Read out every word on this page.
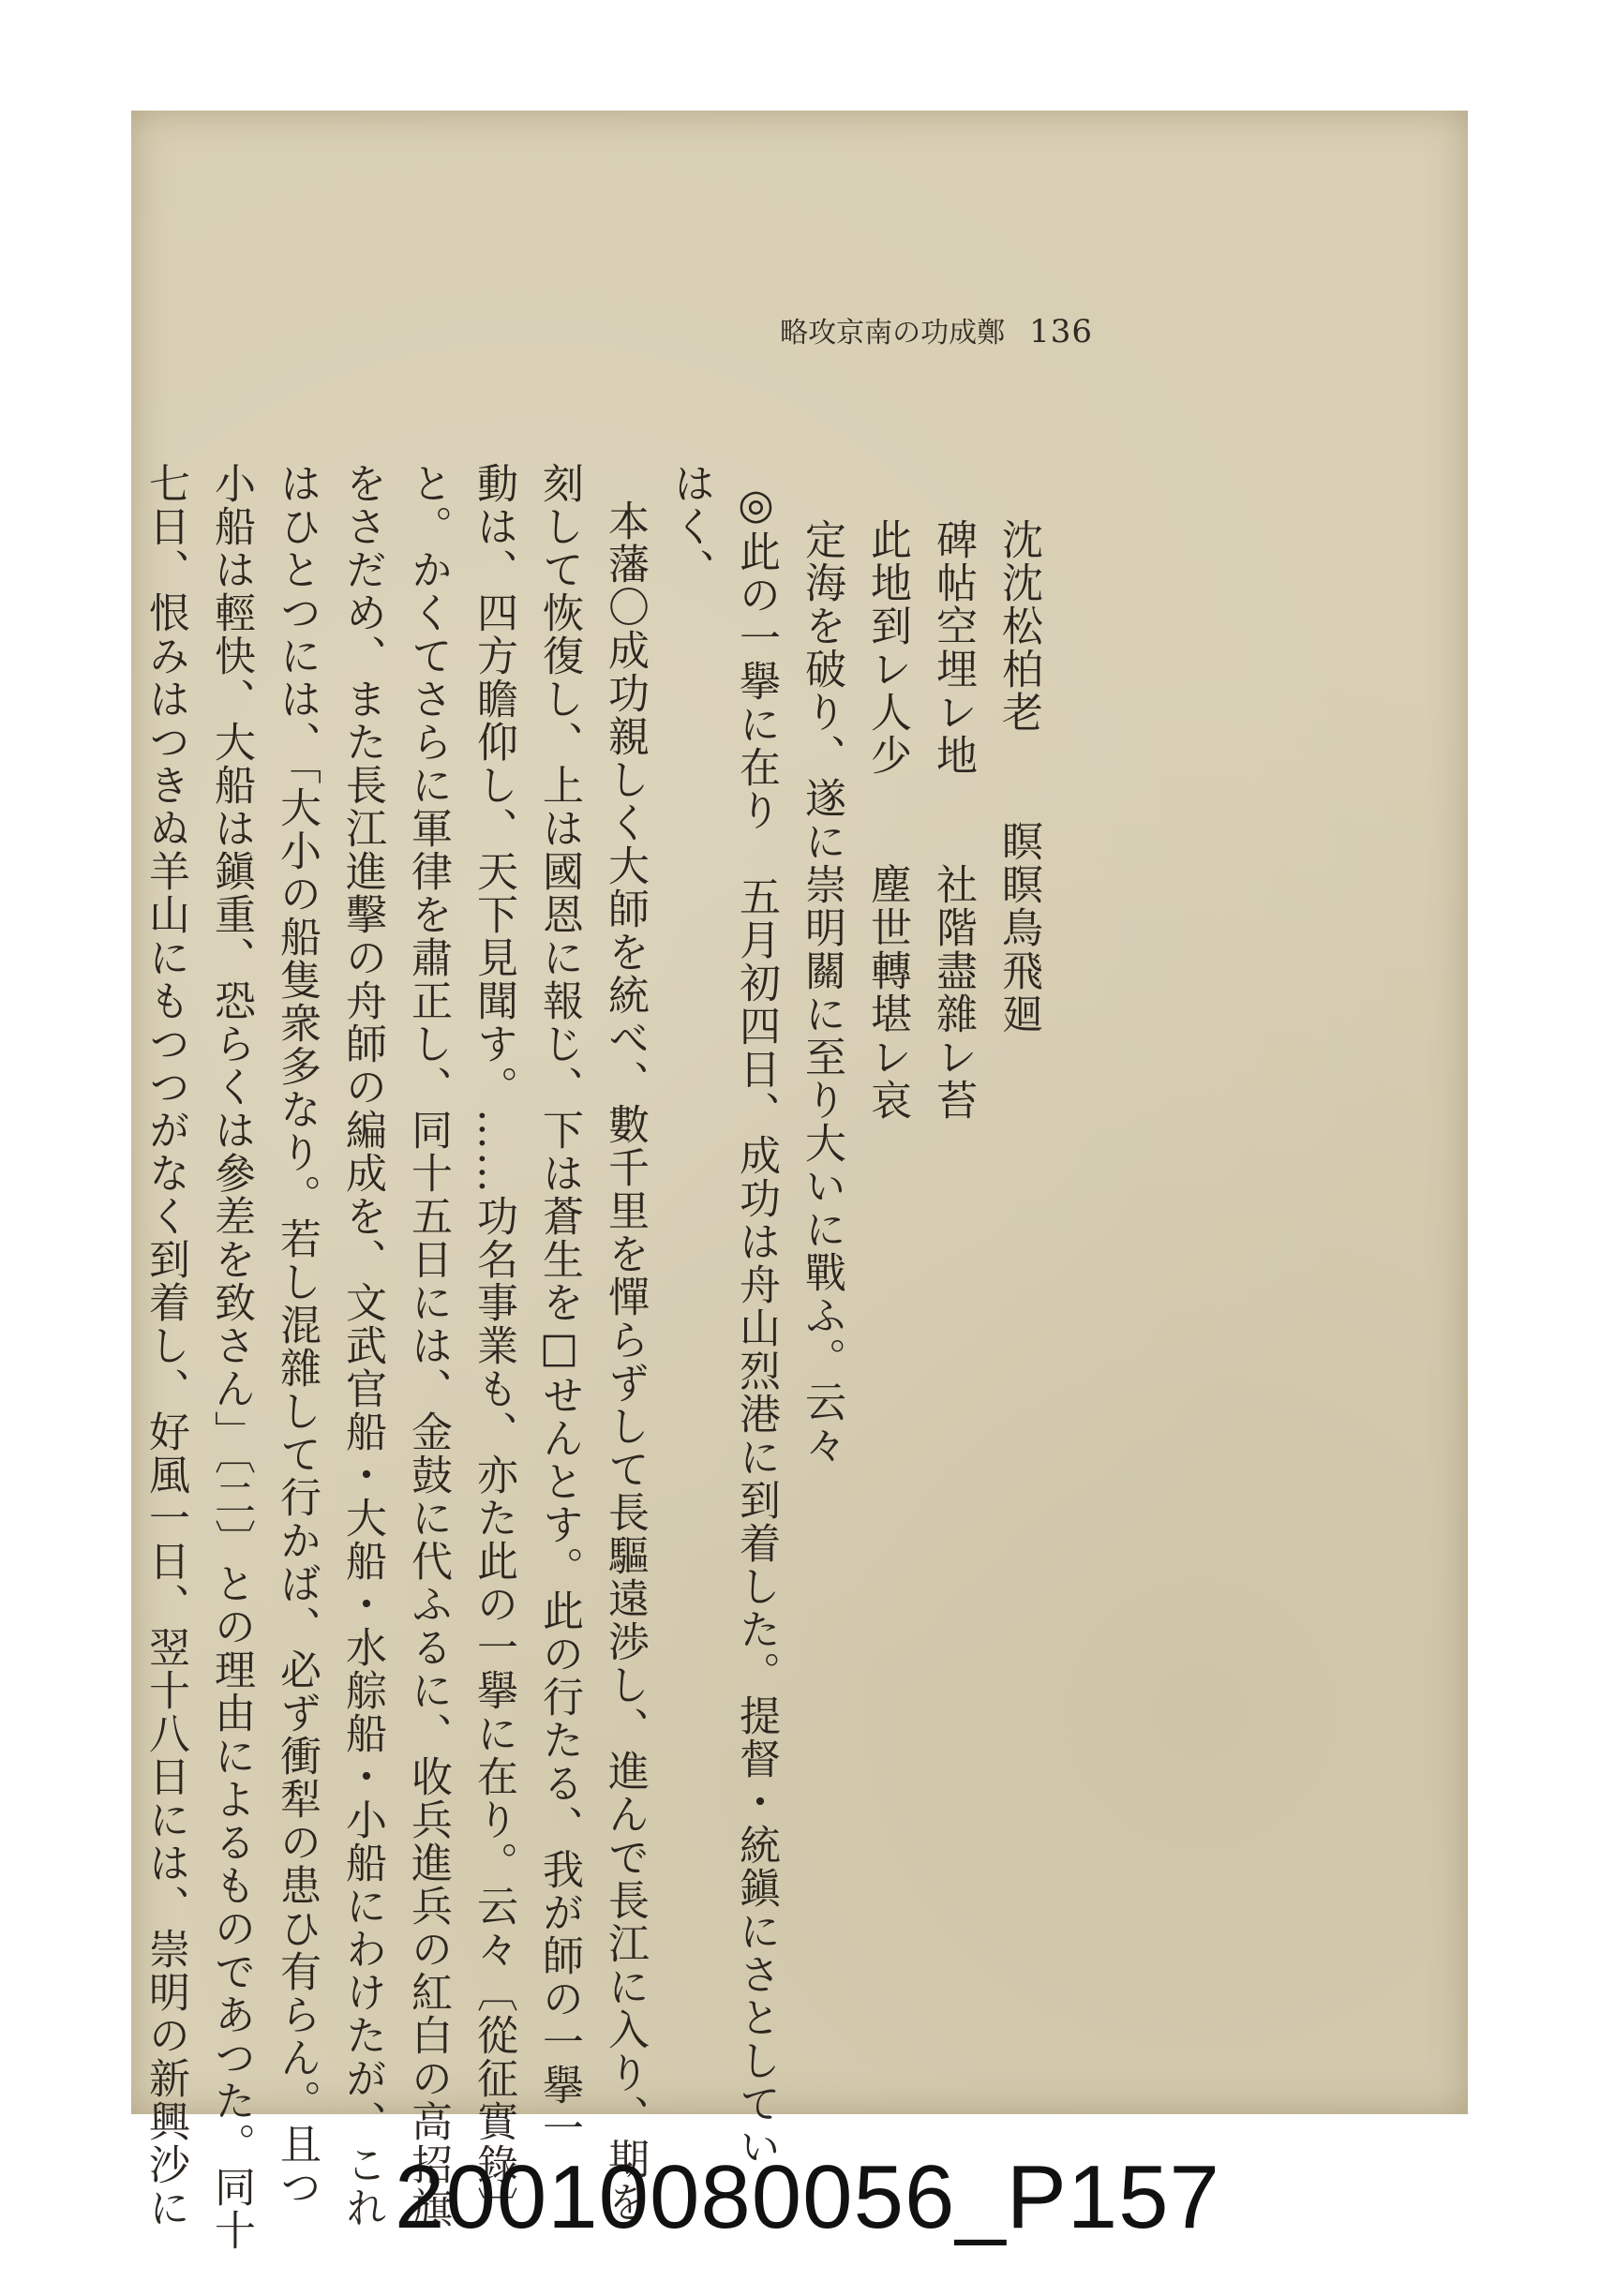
鄭成功の南京攻略 136
沈沈松柏老　　瞑瞑鳥飛廻
碑帖空埋レ地　　社階盡雜レ苔
此地到レ人少　　塵世轉堪レ哀
定海を破り、遂に崇明關に至り大いに戰ふ。云々
◎此の一擧に在り　五月初四日、成功は舟山烈港に到着した。提督・統鎭にさとしてい
はく、
本藩〇成功親しく大師を統べ、數千里を憚らずして長驅遠渉し、進んで長江に入り、期を
刻して恢復し、上は國恩に報じ、下は蒼生を□せんとす。此の行たる、我が師の一擧一
動は、四方瞻仰し、天下見聞す。……功名事業も、亦た此の一擧に在り。云々〔從征實錄〕
と。かくてさらに軍律を肅正し、同十五日には、金鼓に代ふるに、收兵進兵の紅白の高招旗
をさだめ、また長江進擊の舟師の編成を、文武官船・大船・水䑸船・小船にわけたが、これ
はひとつには、「大小の船隻衆多なり。若し混雜して行かば、必ず衝犁の患ひ有らん。且つ
小船は輕快、大船は鎭重、恐らくは參差を致さん」〔二〕との理由によるものであつた。同十
七日、恨みはつきぬ羊山にもつつがなく到着し、好風一日、翌十八日には、崇明の新興沙に	20010080056_P157
